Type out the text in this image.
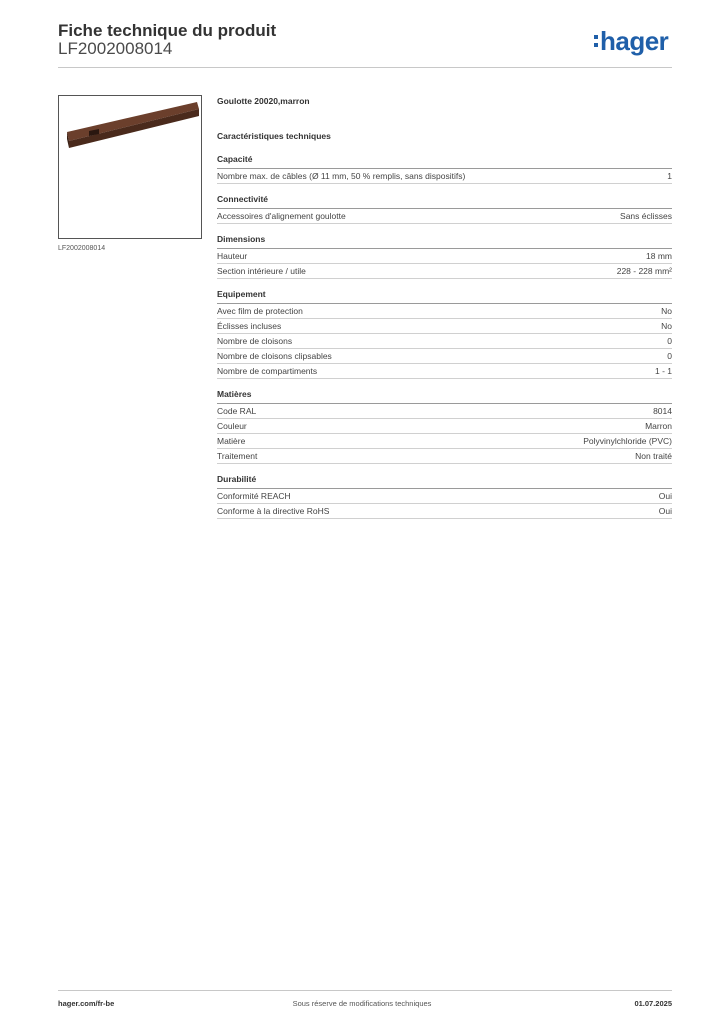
Fiche technique du produit
LF2002008014	hager
LF2002008014
Goulotte 20020,marron
Caractéristiques techniques
Capacité
Nombre max. de câbles (Ø 11 mm, 50 % remplis, sans dispositifs)	1
Connectivité
Accessoires d'alignement goulotte	Sans éclisses
Dimensions
Hauteur	18 mm
Section intérieure / utile	228 - 228 mm²
Equipement
Avec film de protection	No
Éclisses incluses	No
Nombre de cloisons	0
Nombre de cloisons clipsables	0
Nombre de compartiments	1 - 1
Matières
Code RAL	8014
Couleur	Marron
Matière	Polyvinylchloride (PVC)
Traitement	Non traité
Durabilité
Conformité REACH	Oui
Conforme à la directive RoHS	Oui
hager.com/fr-be	Sous réserve de modifications techniques	01.07.2025
